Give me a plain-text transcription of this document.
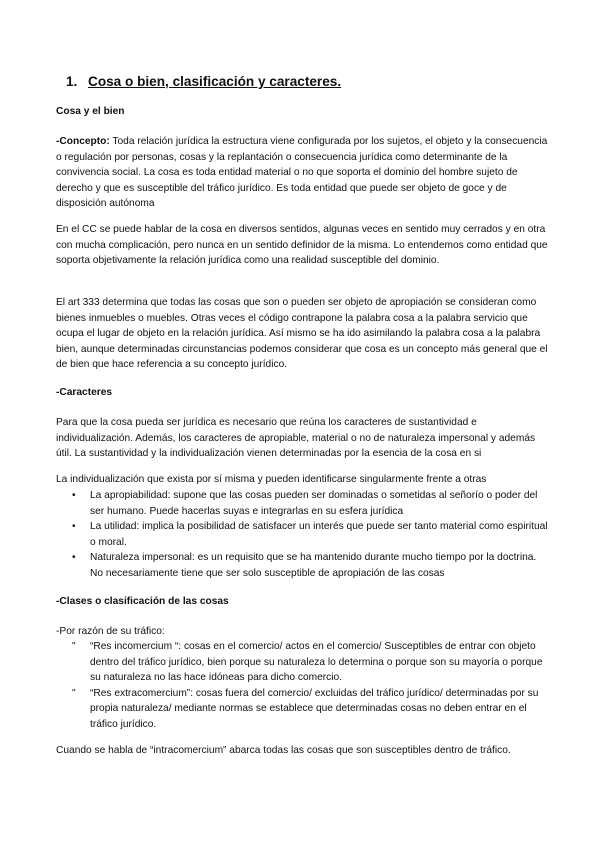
1. Cosa o bien, clasificación y caracteres.
Cosa y el bien
-Concepto: Toda relación jurídica la estructura viene configurada por los sujetos, el objeto y la consecuencia o regulación por personas, cosas y la replantación o consecuencia jurídica como determinante de la convivencia social. La cosa es toda entidad material o no que soporta el dominio del hombre sujeto de derecho y que es susceptible del tráfico jurídico. Es toda entidad que puede ser objeto de goce y de disposición autónoma
En el CC se puede hablar de la cosa en diversos sentidos, algunas veces en sentido muy cerrados y en otra con mucha complicación, pero nunca en un sentido definidor de la misma. Lo entendemos como entidad que soporta objetivamente la relación jurídica como una realidad susceptible del dominio.
El art 333 determina que todas las cosas que son o pueden ser objeto de apropiación se consideran como bienes inmuebles o muebles. Otras veces el código contrapone la palabra cosa a la palabra servicio que ocupa el lugar de objeto en la relación jurídica. Así mismo se ha ido asimilando la palabra cosa a la palabra bien, aunque determinadas circunstancias podemos considerar que cosa es un concepto más general que el de bien que hace referencia a su concepto jurídico.
-Caracteres
Para que la cosa pueda ser jurídica es necesario que reúna los caracteres de sustantividad e individualización. Además, los caracteres de apropiable, material o no de naturaleza impersonal y además útil. La sustantividad y la individualización vienen determinadas por la esencia de la cosa en si
La individualización que exista por sí misma y pueden identificarse singularmente frente a otras
• La apropiabilidad: supone que las cosas pueden ser dominadas o sometidas al señorío o poder del ser humano. Puede hacerlas suyas e integrarlas en su esfera jurídica
• La utilidad: implica la posibilidad de satisfacer un interés que puede ser tanto material como espiritual o moral.
• Naturaleza impersonal: es un requisito que se ha mantenido durante mucho tiempo por la doctrina. No necesariamente tiene que ser solo susceptible de apropiación de las cosas
-Clases o clasificación de las cosas
-Por razón de su tráfico:
" “Res incomercium “: cosas en el comercio/ actos en el comercio/ Susceptibles de entrar con objeto dentro del tráfico jurídico, bien porque su naturaleza lo determina o porque son su mayoría o porque su naturaleza no las hace idóneas para dicho comercio.
" “Res extracomercium”: cosas fuera del comercio/ excluidas del tráfico jurídico/ determinadas por su propia naturaleza/ mediante normas se establece que determinadas cosas no deben entrar en el tráfico jurídico.
Cuando se habla de “intracomercium” abarca todas las cosas que son susceptibles dentro de tráfico.
